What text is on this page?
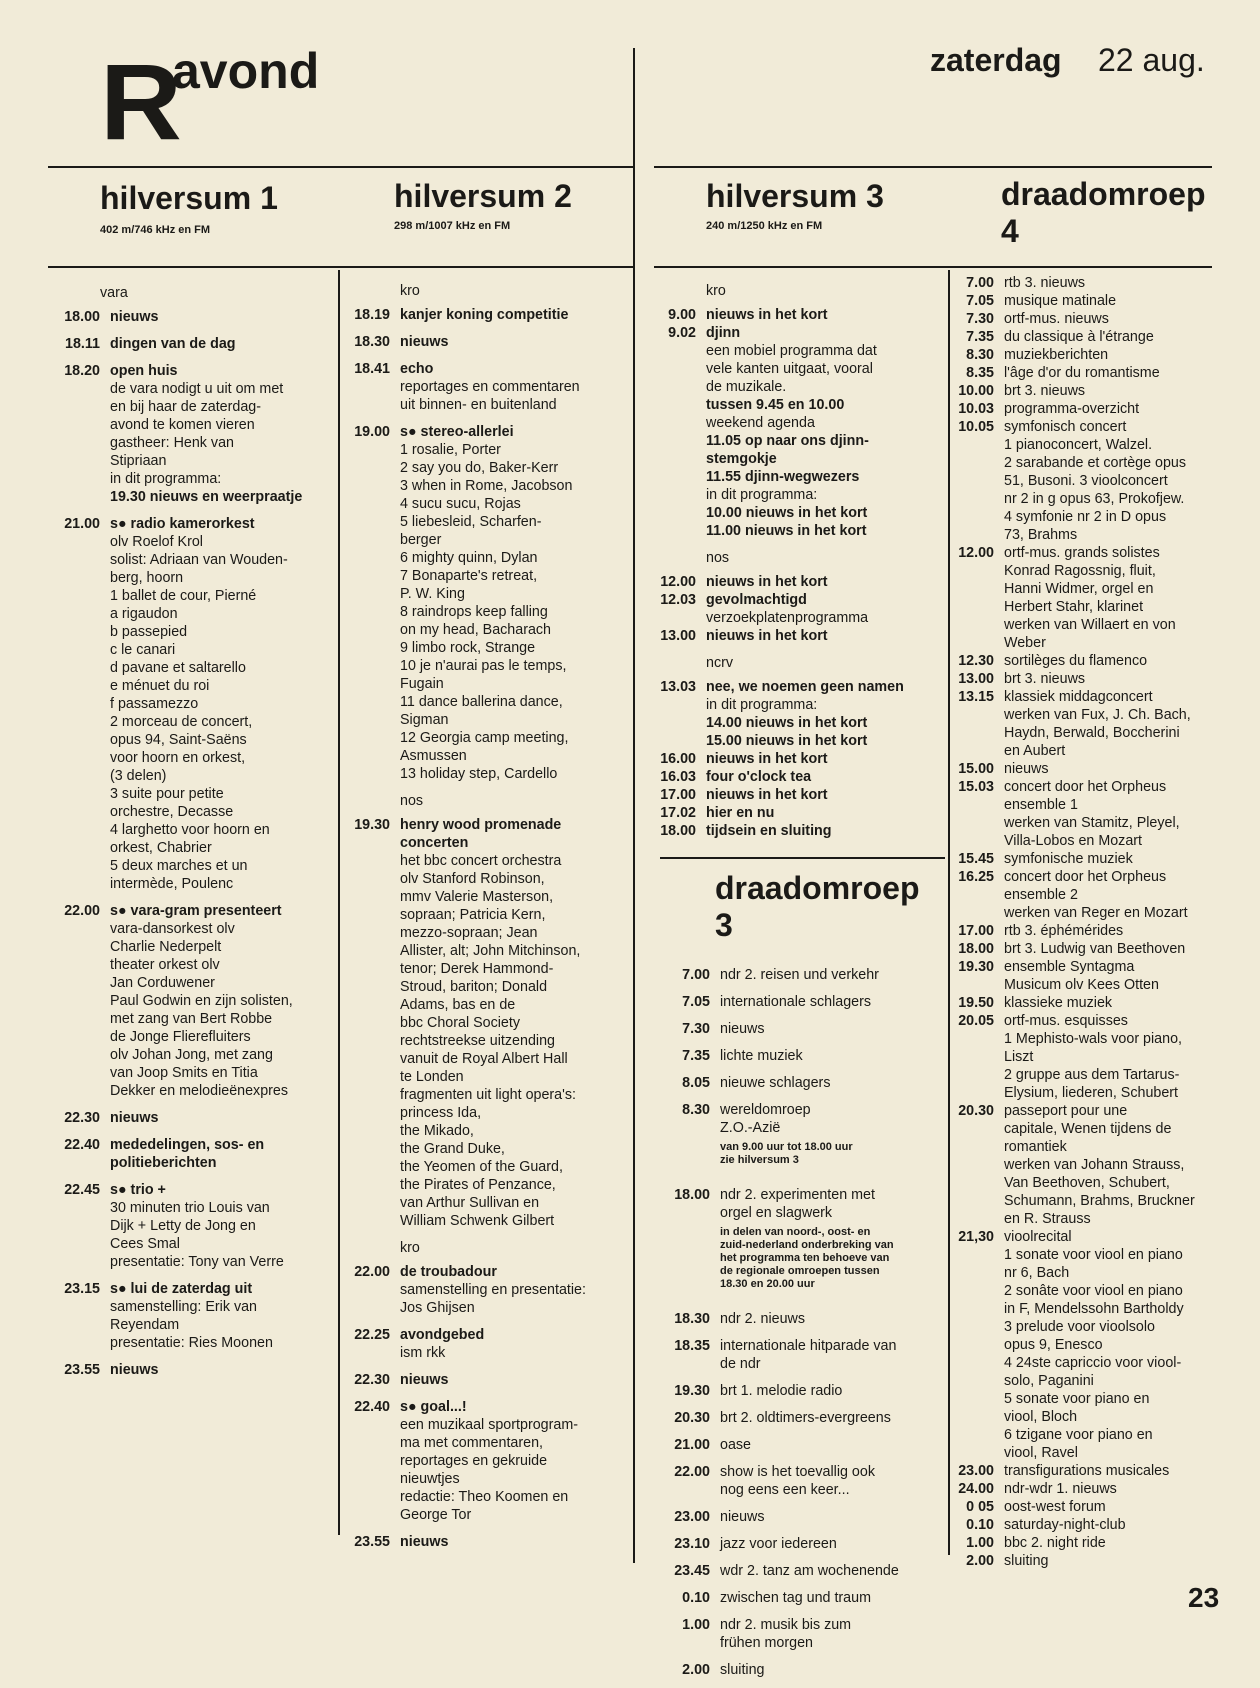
R
avond	zaterdag 22 aug.
hilversum 1
402 m/746 kHz en FM
hilversum 2
298 m/1007 kHz en FM
hilversum 3
240 m/1250 kHz en FM
draadomroep
4
draadomroep
3
vara
18.00 nieuws
18.11 dingen van de dag
18.20 open huis
de vara nodigt u uit om met
en bij haar de zaterdag-
avond te komen vieren
gastheer: Henk van
Stipriaan
in dit programma:
19.30 nieuws en weerpraatje
21.00 s● radio kamerorkest
olv Roelof Krol
solist: Adriaan van Wouden-
berg, hoorn
1 ballet de cour, Pierné
a rigaudon
b passepied
c le canari
d pavane et saltarello
e ménuet du roi
f passamezzo
2 morceau de concert,
opus 94, Saint-Saëns
voor hoorn en orkest,
(3 delen)
3 suite pour petite
orchestre, Decasse
4 larghetto voor hoorn en
orkest, Chabrier
5 deux marches et un
intermède, Poulenc
22.00 s● vara-gram presenteert
vara-dansorkest olv
Charlie Nederpelt
theater orkest olv
Jan Corduwener
Paul Godwin en zijn solisten,
met zang van Bert Robbe
de Jonge Flierefluiters
olv Johan Jong, met zang
van Joop Smits en Titia
Dekker en melodieënexpres
22.30 nieuws
22.40 mededelingen, sos- en
politieberichten
22.45 s● trio +
30 minuten trio Louis van
Dijk + Letty de Jong en
Cees Smal
presentatie: Tony van Verre
23.15 s● lui de zaterdag uit
samenstelling: Erik van
Reyendam
presentatie: Ries Moonen
23.55 nieuws
kro
18.19 kanjer koning competitie
18.30 nieuws
18.41 echo
reportages en commentaren
uit binnen- en buitenland
19.00 s● stereo-allerlei
1 rosalie, Porter
2 say you do, Baker-Kerr
3 when in Rome, Jacobson
4 sucu sucu, Rojas
5 liebesleid, Scharfen-
berger
6 mighty quinn, Dylan
7 Bonaparte's retreat,
P. W. King
8 raindrops keep falling
on my head, Bacharach
9 limbo rock, Strange
10 je n'aurai pas le temps,
Fugain
11 dance ballerina dance,
Sigman
12 Georgia camp meeting,
Asmussen
13 holiday step, Cardello
nos
19.30 henry wood promenade
concerten
het bbc concert orchestra
olv Stanford Robinson,
mmv Valerie Masterson,
sopraan; Patricia Kern,
mezzo-sopraan; Jean
Allister, alt; John Mitchinson,
tenor; Derek Hammond-
Stroud, bariton; Donald
Adams, bas en de
bbc Choral Society
rechtstreekse uitzending
vanuit de Royal Albert Hall
te Londen
fragmenten uit light opera's:
princess Ida,
the Mikado,
the Grand Duke,
the Yeomen of the Guard,
the Pirates of Penzance,
van Arthur Sullivan en
William Schwenk Gilbert
kro
22.00 de troubadour
samenstelling en presentatie:
Jos Ghijsen
22.25 avondgebed
ism rkk
22.30 nieuws
22.40 s● goal...!
een muzikaal sportprogram-
ma met commentaren,
reportages en gekruide
nieuwtjes
redactie: Theo Koomen en
George Tor
23.55 nieuws
kro
9.00 nieuws in het kort
9.02 djinn
een mobiel programma dat
vele kanten uitgaat, vooral
de muzikale.
tussen 9.45 en 10.00
weekend agenda
11.05 op naar ons djinn-
stemgokje
11.55 djinn-wegwezers
in dit programma:
10.00 nieuws in het kort
11.00 nieuws in het kort
nos
12.00 nieuws in het kort
12.03 gevolmachtigd
verzoekplatenprogramma
13.00 nieuws in het kort
ncrv
13.03 nee, we noemen geen namen
in dit programma:
14.00 nieuws in het kort
15.00 nieuws in het kort
16.00 nieuws in het kort
16.03 four o'clock tea
17.00 nieuws in het kort
17.02 hier en nu
18.00 tijdsein en sluiting
7.00 ndr 2. reisen und verkehr
7.05 internationale schlagers
7.30 nieuws
7.35 lichte muziek
8.05 nieuwe schlagers
8.30 wereldomroep
Z.O.-Azië
van 9.00 uur tot 18.00 uur
zie hilversum 3
18.00 ndr 2. experimenten met
orgel en slagwerk
in delen van noord-, oost- en
zuid-nederland onderbreking van
het programma ten behoeve van
de regionale omroepen tussen
18.30 en 20.00 uur
18.30 ndr 2. nieuws
18.35 internationale hitparade van
de ndr
19.30 brt 1. melodie radio
20.30 brt 2. oldtimers-evergreens
21.00 oase
22.00 show is het toevallig ook
nog eens een keer...
23.00 nieuws
23.10 jazz voor iedereen
23.45 wdr 2. tanz am wochenende
0.10 zwischen tag und traum
1.00 ndr 2. musik bis zum
frühen morgen
2.00 sluiting
7.00 rtb 3. nieuws
7.05 musique matinale
7.30 ortf-mus. nieuws
7.35 du classique à l'étrange
8.30 muziekberichten
8.35 l'âge d'or du romantisme
10.00 brt 3. nieuws
10.03 programma-overzicht
10.05 symfonisch concert
1 pianoconcert, Walzel.
2 sarabande et cortège opus
51, Busoni. 3 vioolconcert
nr 2 in g opus 63, Prokofjew.
4 symfonie nr 2 in D opus
73, Brahms
12.00 ortf-mus. grands solistes
Konrad Ragossnig, fluit,
Hanni Widmer, orgel en
Herbert Stahr, klarinet
werken van Willaert en von
Weber
12.30 sortilèges du flamenco
13.00 brt 3. nieuws
13.15 klassiek middagconcert
werken van Fux, J. Ch. Bach,
Haydn, Berwald, Boccherini
en Aubert
15.00 nieuws
15.03 concert door het Orpheus
ensemble 1
werken van Stamitz, Pleyel,
Villa-Lobos en Mozart
15.45 symfonische muziek
16.25 concert door het Orpheus
ensemble 2
werken van Reger en Mozart
17.00 rtb 3. éphémérides
18.00 brt 3. Ludwig van Beethoven
19.30 ensemble Syntagma
Musicum olv Kees Otten
19.50 klassieke muziek
20.05 ortf-mus. esquisses
1 Mephisto-wals voor piano,
Liszt
2 gruppe aus dem Tartarus-
Elysium, liederen, Schubert
20.30 passeport pour une
capitale, Wenen tijdens de
romantiek
werken van Johann Strauss,
Van Beethoven, Schubert,
Schumann, Brahms, Bruckner
en R. Strauss
21,30 vioolrecital
1 sonate voor viool en piano
nr 6, Bach
2 sonâte voor viool en piano
in F, Mendelssohn Bartholdy
3 prelude voor vioolsolo
opus 9, Enesco
4 24ste capriccio voor viool-
solo, Paganini
5 sonate voor piano en
viool, Bloch
6 tzigane voor piano en
viool, Ravel
23.00 transfigurations musicales
24.00 ndr-wdr 1. nieuws
0 05 oost-west forum
0.10 saturday-night-club
1.00 bbc 2. night ride
2.00 sluiting
23
